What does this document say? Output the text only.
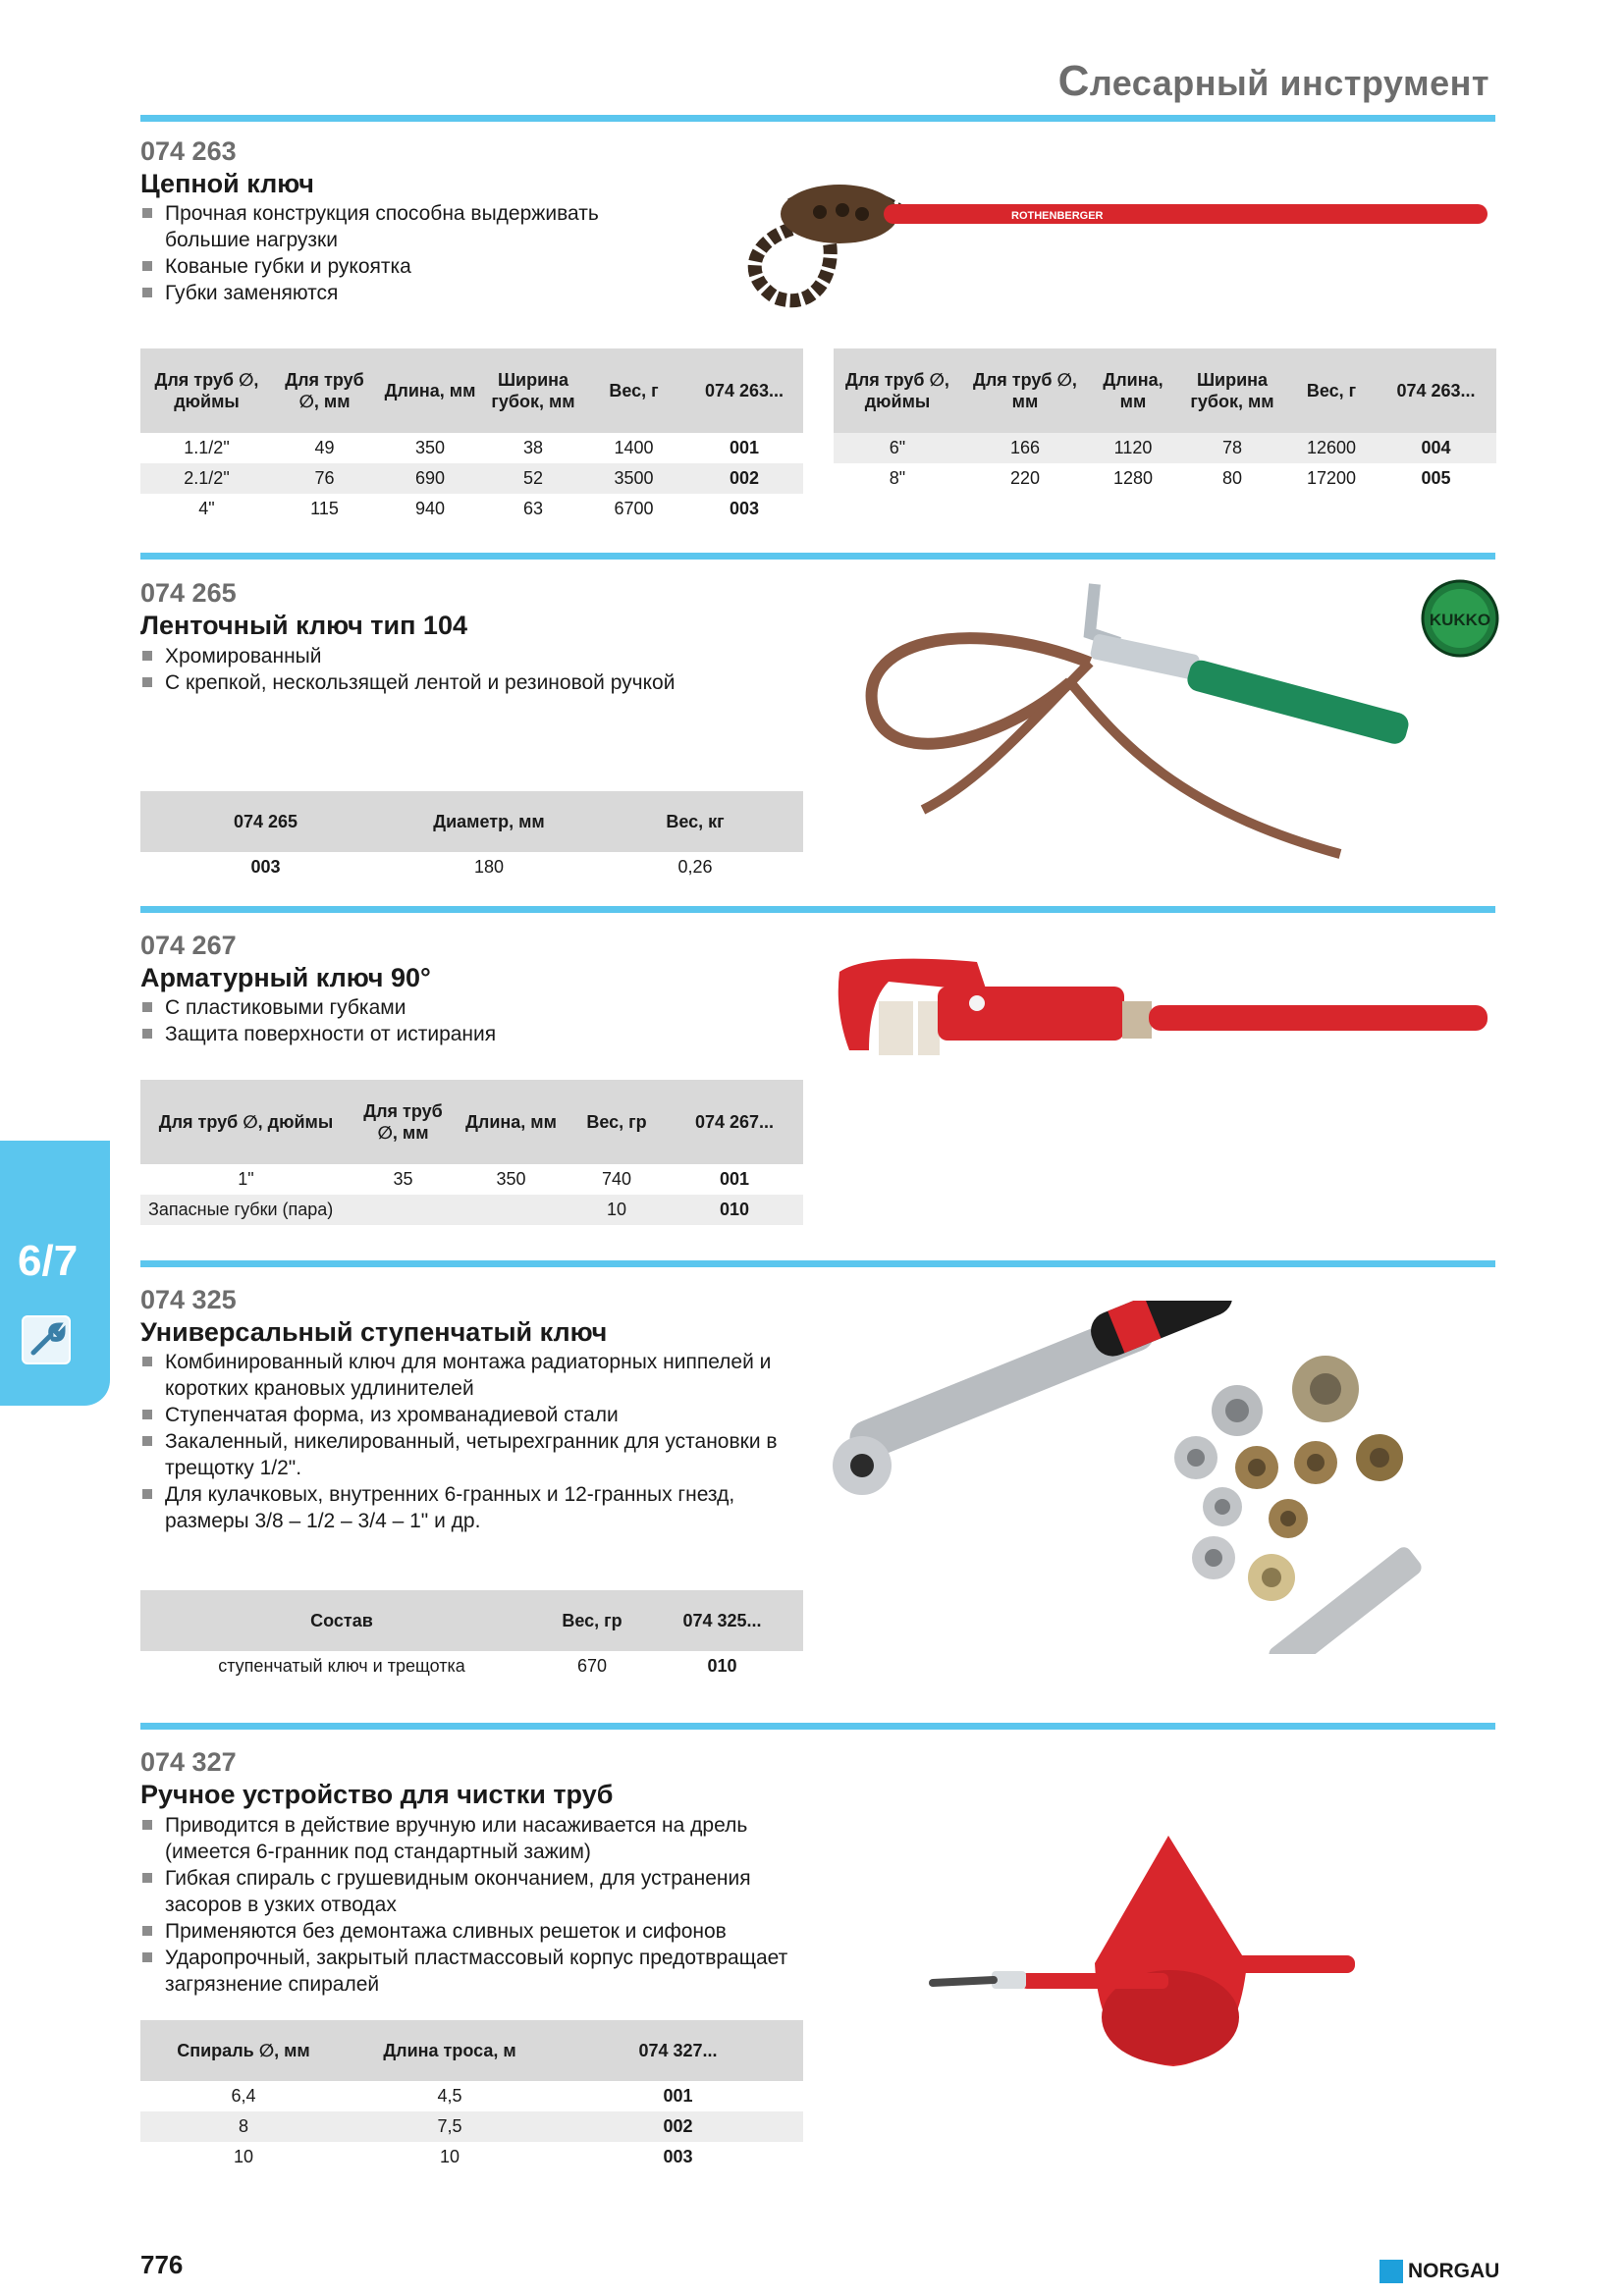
Слесарный инструмент
074 263
Цепной ключ
Прочная конструкция способна выдерживать большие нагрузки
Кованые губки и рукоятка
Губки заменяются
ROTHENBERGER
Для труб ∅, дюймы	Для труб ∅, мм	Длина, мм	Ширина губок, мм	Вес, г	074 263...
1.1/2"	49	350	38	1400	001
2.1/2"	76	690	52	3500	002
4"	115	940	63	6700	003
Для труб ∅, дюймы	Для труб ∅, мм	Длина, мм	Ширина губок, мм	Вес, г	074 263...
6"	166	1120	78	12600	004
8"	220	1280	80	17200	005
074 265
Ленточный ключ тип 104
Хромированный
С крепкой, нескользящей лентой и резиновой ручкой
KUKKO
074 265	Диаметр, мм	Вес, кг
003	180	0,26
074 267
Арматурный ключ 90°
С пластиковыми губками
Защита поверхности от истирания
Для труб ∅, дюймы	Для труб ∅, мм	Длина, мм	Вес, гр	074 267...
1"	35	350	740	001
Запасные губки (пара)			10	010
6/7
074 325
Универсальный ступенчатый ключ
Комбинированный ключ для монтажа радиаторных ниппелей и коротких крановых удлинителей
Ступенчатая форма, из хромванадиевой стали
Закаленный, никелированный, четырехгранник для установки в трещотку 1/2".
Для кулачковых, внутренних 6-гранных и 12-гранных гнезд, размеры 3/8 – 1/2 – 3/4 – 1" и др.
Состав	Вес, гр	074 325...
ступенчатый ключ и трещотка	670	010
074 327
Ручное устройство для чистки труб
Приводится в действие вручную или насаживается на дрель (имеется 6-гранник под стандартный зажим)
Гибкая спираль с грушевидным окончанием, для устранения засоров в узких отводах
Применяются без демонтажа сливных решеток и сифонов
Ударопрочный, закрытый пластмассовый корпус предотвращает загрязнение спиралей
Спираль ∅, мм	Длина троса, м	074 327...
6,4	4,5	001
8	7,5	002
10	10	003
776	NORGAU
